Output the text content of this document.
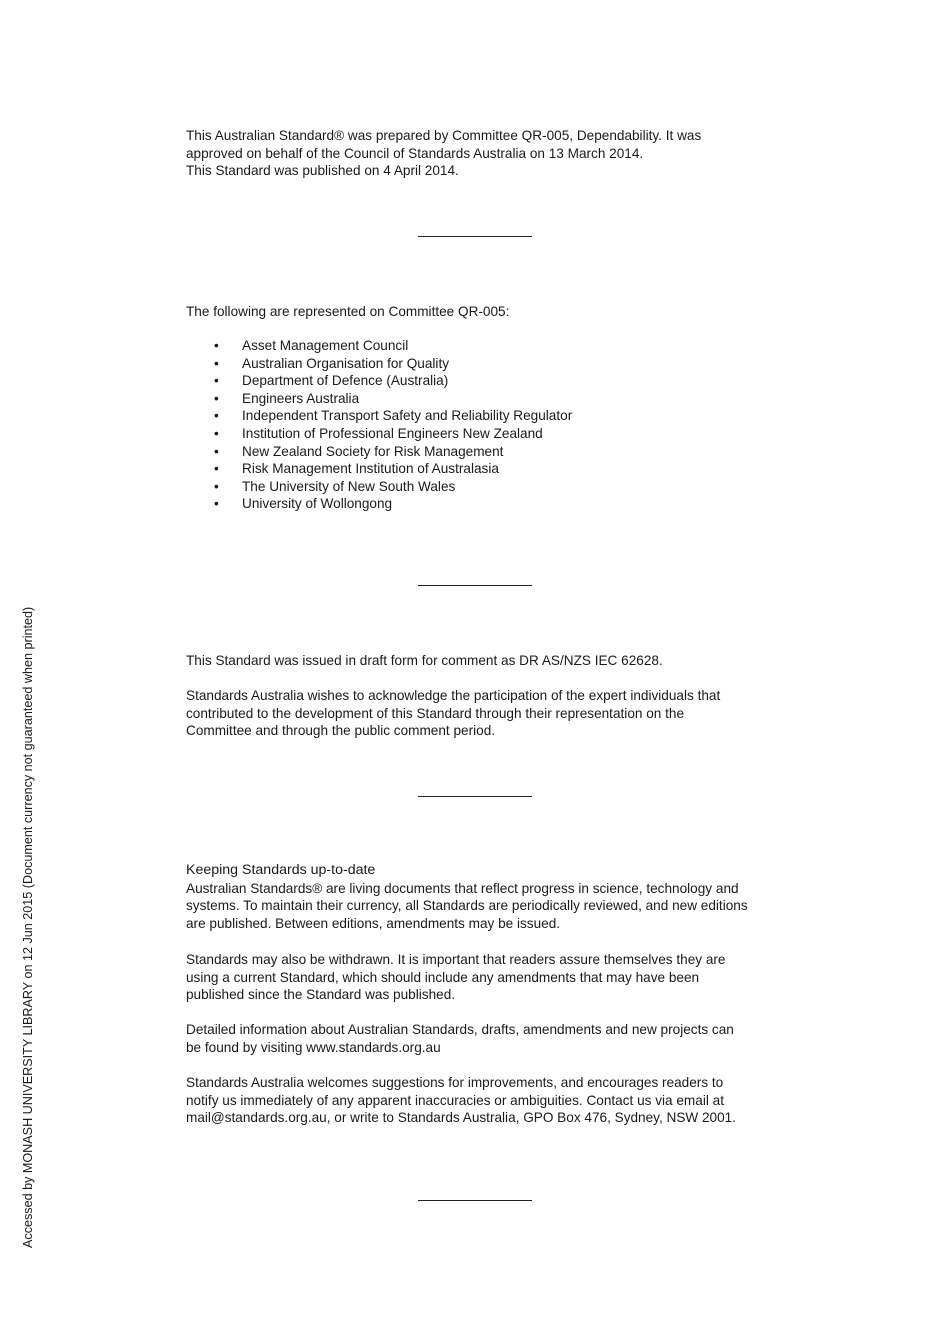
This Australian Standard® was prepared by Committee QR-005, Dependability. It was

approved on behalf of the Council of Standards Australia on 13 March 2014.

This Standard was published on 4 April 2014.

The following are represented on Committee QR-005:

• Asset Management Council
• Australian Organisation for Quality
• Department of Defence (Australia)
• Engineers Australia
• Independent Transport Safety and Reliability Regulator
• Institution of Professional Engineers New Zealand
• New Zealand Society for Risk Management
• Risk Management Institution of Australasia
• The University of New South Wales
• University of Wollongong

This Standard was issued in draft form for comment as DR AS/NZS IEC 62628.

Standards Australia wishes to acknowledge the participation of the expert individuals that

contributed to the development of this Standard through their representation on the

Committee and through the public comment period.

Keeping Standards up-to-date

Australian Standards® are living documents that reflect progress in science, technology and

systems. To maintain their currency, all Standards are periodically reviewed, and new editions

are published. Between editions, amendments may be issued.

Standards may also be withdrawn. It is important that readers assure themselves they are

using a current Standard, which should include any amendments that may have been

published since the Standard was published.

Detailed information about Australian Standards, drafts, amendments and new projects can

be found by visiting www.standards.org.au

Standards Australia welcomes suggestions for improvements, and encourages readers to

notify us immediately of any apparent inaccuracies or ambiguities. Contact us via email at

mail@standards.org.au, or write to Standards Australia, GPO Box 476, Sydney, NSW 2001.

Accessed by MONASH UNIVERSITY LIBRARY on 12 Jun 2015 (Document currency not guaranteed when printed)
